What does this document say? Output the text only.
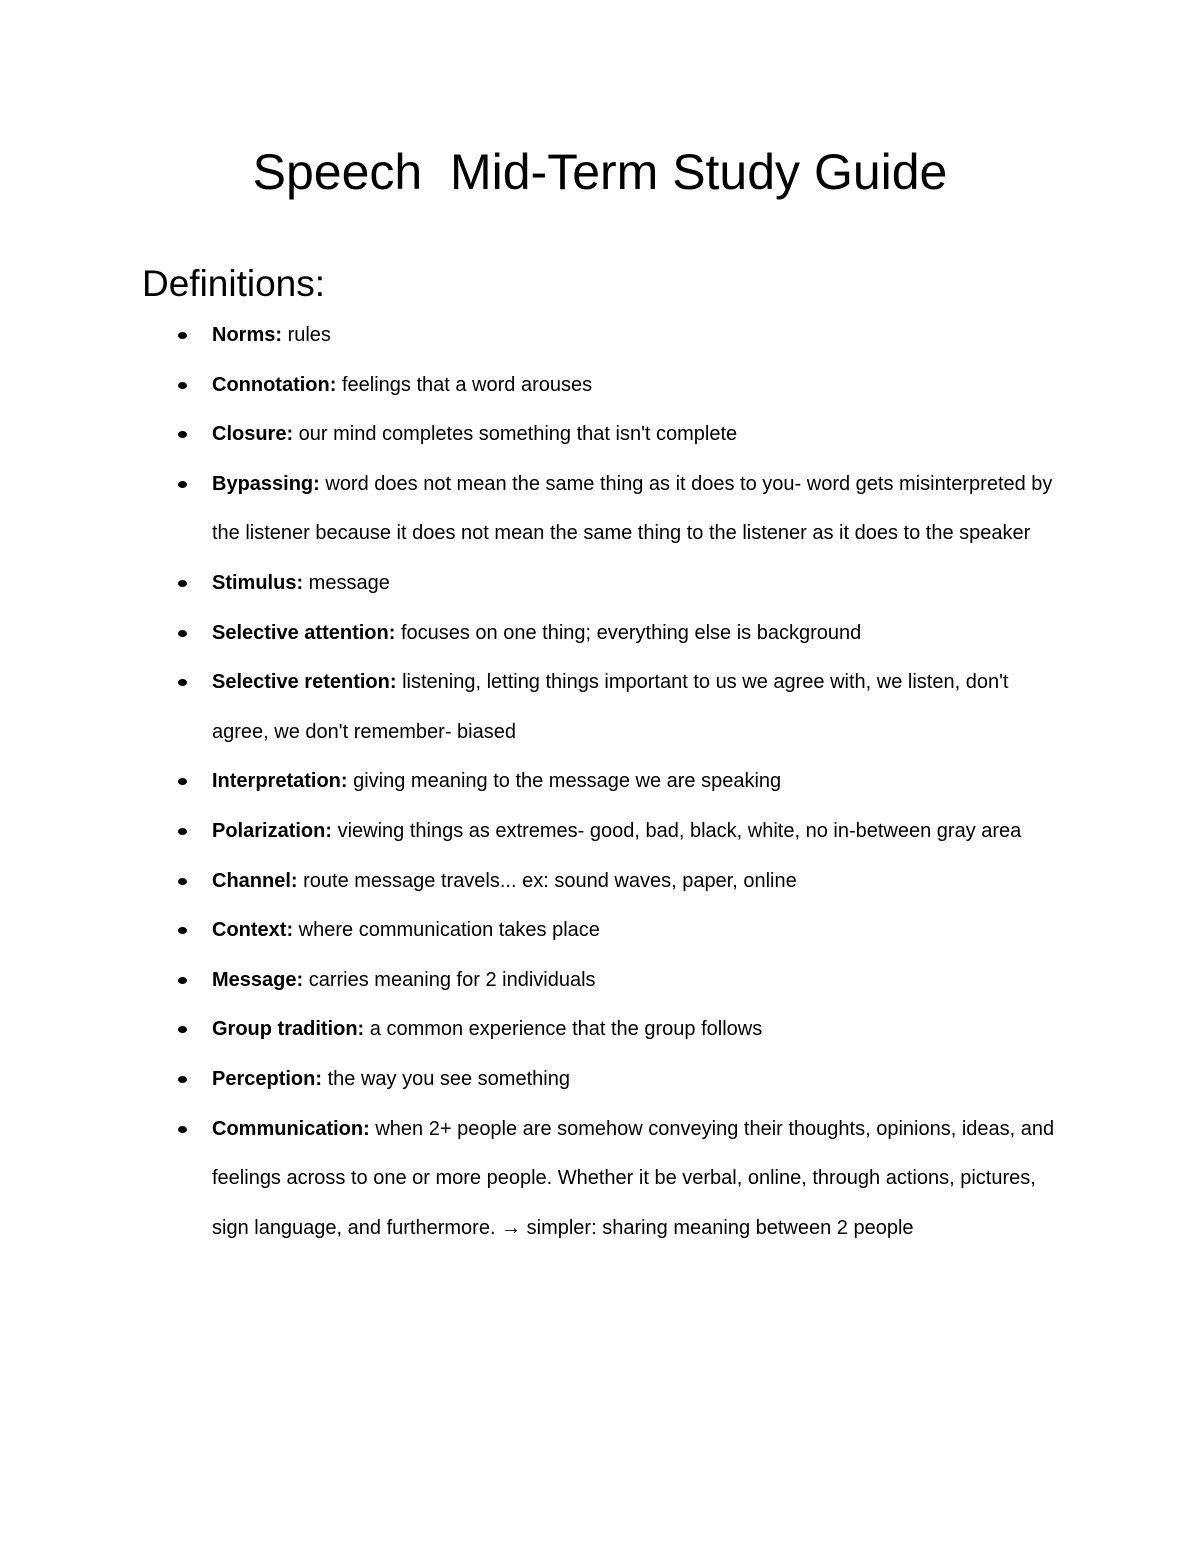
Speech  Mid-Term Study Guide
Definitions:
Norms: rules
Connotation: feelings that a word arouses
Closure: our mind completes something that isn't complete
Bypassing: word does not mean the same thing as it does to you- word gets misinterpreted by the listener because it does not mean the same thing to the listener as it does to the speaker
Stimulus: message
Selective attention: focuses on one thing; everything else is background
Selective retention: listening, letting things important to us we agree with, we listen, don't agree, we don't remember- biased
Interpretation: giving meaning to the message we are speaking
Polarization: viewing things as extremes- good, bad, black, white, no in-between gray area
Channel: route message travels... ex: sound waves, paper, online
Context: where communication takes place
Message: carries meaning for 2 individuals
Group tradition: a common experience that the group follows
Perception: the way you see something
Communication: when 2+ people are somehow conveying their thoughts, opinions, ideas, and feelings across to one or more people. Whether it be verbal, online, through actions, pictures, sign language, and furthermore. → simpler: sharing meaning between 2 people
